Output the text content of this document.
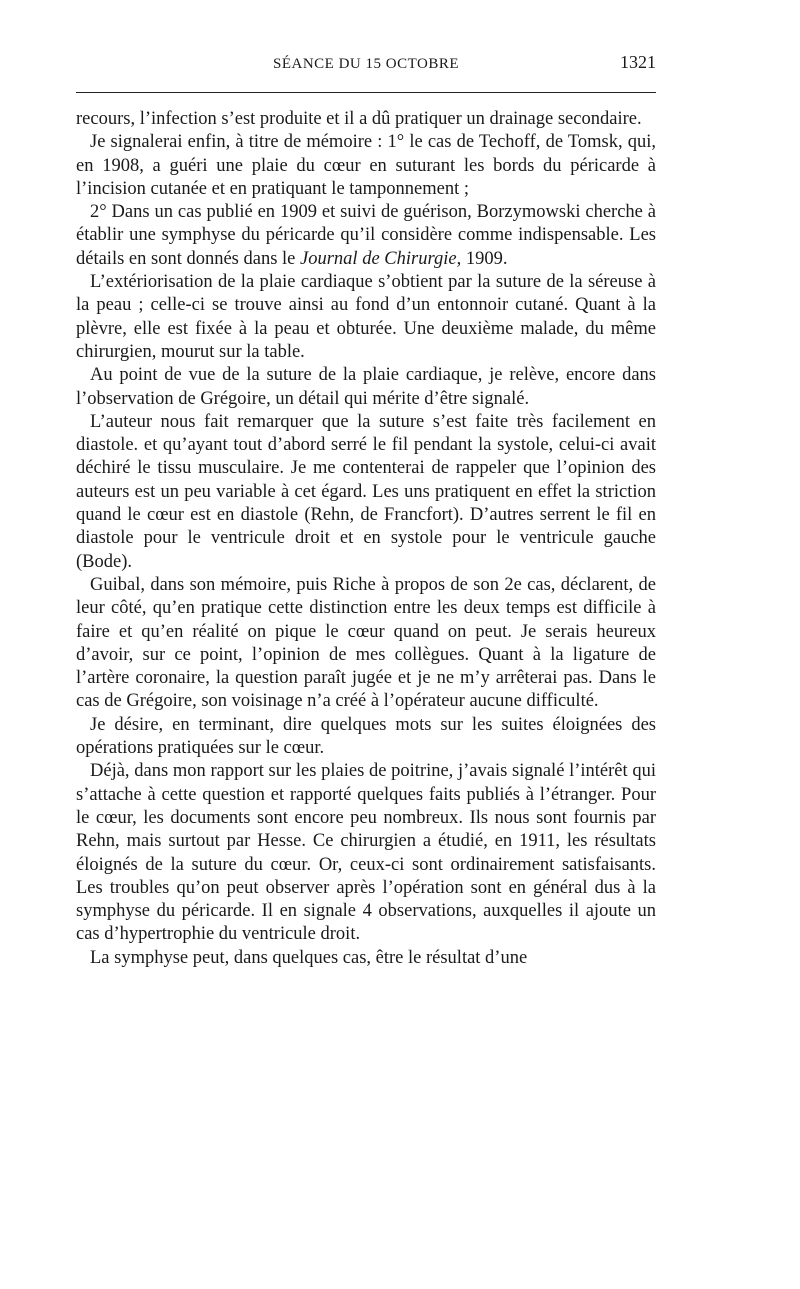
SÉANCE DU 15 OCTOBRE	1321

recours, l’infection s’est produite et il a dû pratiquer un drainage secondaire.

Je signalerai enfin, à titre de mémoire : 1° le cas de Techoff, de Tomsk, qui, en 1908, a guéri une plaie du cœur en suturant les bords du péricarde à l’incision cutanée et en pratiquant le tamponnement ;

2° Dans un cas publié en 1909 et suivi de guérison, Borzymowski cherche à établir une symphyse du péricarde qu’il considère comme indispensable. Les détails en sont donnés dans le Journal de Chirurgie, 1909.

L’extériorisation de la plaie cardiaque s’obtient par la suture de la séreuse à la peau ; celle-ci se trouve ainsi au fond d’un entonnoir cutané. Quant à la plèvre, elle est fixée à la peau et obturée. Une deuxième malade, du même chirurgien, mourut sur la table.

Au point de vue de la suture de la plaie cardiaque, je relève, encore dans l’observation de Grégoire, un détail qui mérite d’être signalé.

L’auteur nous fait remarquer que la suture s’est faite très facilement en diastole. et qu’ayant tout d’abord serré le fil pendant la systole, celui-ci avait déchiré le tissu musculaire. Je me contenterai de rappeler que l’opinion des auteurs est un peu variable à cet égard. Les uns pratiquent en effet la striction quand le cœur est en diastole (Rehn, de Francfort). D’autres serrent le fil en diastole pour le ventricule droit et en systole pour le ventricule gauche (Bode).

Guibal, dans son mémoire, puis Riche à propos de son 2e cas, déclarent, de leur côté, qu’en pratique cette distinction entre les deux temps est difficile à faire et qu’en réalité on pique le cœur quand on peut. Je serais heureux d’avoir, sur ce point, l’opinion de mes collègues. Quant à la ligature de l’artère coronaire, la question paraît jugée et je ne m’y arrêterai pas. Dans le cas de Grégoire, son voisinage n’a créé à l’opérateur aucune difficulté.

Je désire, en terminant, dire quelques mots sur les suites éloignées des opérations pratiquées sur le cœur.

Déjà, dans mon rapport sur les plaies de poitrine, j’avais signalé l’intérêt qui s’attache à cette question et rapporté quelques faits publiés à l’étranger. Pour le cœur, les documents sont encore peu nombreux. Ils nous sont fournis par Rehn, mais surtout par Hesse. Ce chirurgien a étudié, en 1911, les résultats éloignés de la suture du cœur. Or, ceux-ci sont ordinairement satisfaisants. Les troubles qu’on peut observer après l’opération sont en général dus à la symphyse du péricarde. Il en signale 4 observations, auxquelles il ajoute un cas d’hypertrophie du ventricule droit.

La symphyse peut, dans quelques cas, être le résultat d’une
